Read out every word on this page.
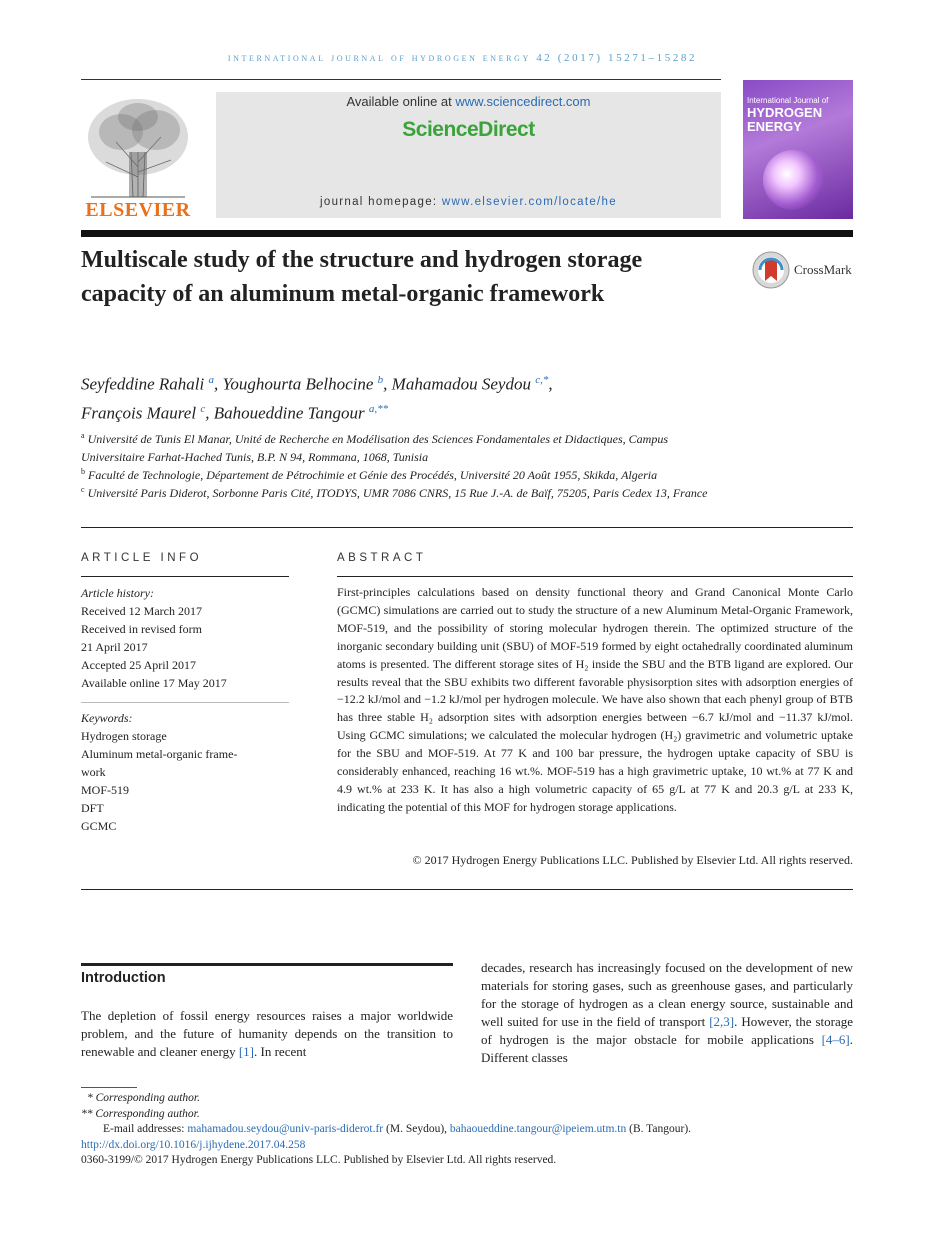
international journal of hydrogen energy 42 (2017) 15271–15282
ELSEVIER
Available online at www.sciencedirect.com
ScienceDirect
journal homepage: www.elsevier.com/locate/he
International Journal of
HYDROGEN ENERGY
Multiscale study of the structure and hydrogen storage capacity of an aluminum metal-organic framework
CrossMark
Seyfeddine Rahali $^a$, Youghourta Belhocine $^b$, Mahamadou Seydou $^{c,*}$,
François Maurel $^c$, Bahoueddine Tangour $^{a,**}$
$^a$ Université de Tunis El Manar, Unité de Recherche en Modélisation des Sciences Fondamentales et Didactiques, Campus Universitaire Farhat-Hached Tunis, B.P. N 94, Rommana, 1068, Tunisia
$^b$ Faculté de Technologie, Département de Pétrochimie et Génie des Procédés, Université 20 Août 1955, Skikda, Algeria
$^c$ Université Paris Diderot, Sorbonne Paris Cité, ITODYS, UMR 7086 CNRS, 15 Rue J.-A. de Baïf, 75205, Paris Cedex 13, France
ARTICLE INFO
Article history:
Received 12 March 2017
Received in revised form
21 April 2017
Accepted 25 April 2017
Available online 17 May 2017
Keywords:
Hydrogen storage
Aluminum metal-organic frame-
work
MOF-519
DFT
GCMC
ABSTRACT
First-principles calculations based on density functional theory and Grand Canonical Monte Carlo (GCMC) simulations are carried out to study the structure of a new Aluminum Metal-Organic Framework, MOF-519, and the possibility of storing molecular hydrogen therein. The optimized structure of the inorganic secondary building unit (SBU) of MOF-519 formed by eight octahedrally coordinated aluminum atoms is presented. The different storage sites of H₂ inside the SBU and the BTB ligand are explored. Our results reveal that the SBU exhibits two different favorable physisorption sites with adsorption energies of −12.2 kJ/mol and −1.2 kJ/mol per hydrogen molecule. We have also shown that each phenyl group of BTB has three stable H₂ adsorption sites with adsorption energies between −6.7 kJ/mol and −11.37 kJ/mol. Using GCMC simulations; we calculated the molecular hydrogen (H₂) gravimetric and volumetric uptake for the SBU and MOF-519. At 77 K and 100 bar pressure, the hydrogen uptake capacity of SBU is considerably enhanced, reaching 16 wt.%. MOF-519 has a high gravimetric uptake, 10 wt.% at 77 K and 4.9 wt.% at 233 K. It has also a high volumetric capacity of 65 g/L at 77 K and 20.3 g/L at 233 K, indicating the potential of this MOF for hydrogen storage applications.
© 2017 Hydrogen Energy Publications LLC. Published by Elsevier Ltd. All rights reserved.
Introduction
The depletion of fossil energy resources raises a major worldwide problem, and the future of humanity depends on the transition to renewable and cleaner energy [1]. In recent
decades, research has increasingly focused on the development of new materials for storing gases, such as greenhouse gases, and particularly for the storage of hydrogen as a clean energy source, sustainable and well suited for use in the field of transport [2,3]. However, the storage of hydrogen is the major obstacle for mobile applications [4–6]. Different classes
* Corresponding author.
** Corresponding author.
E-mail addresses: mahamadou.seydou@univ-paris-diderot.fr (M. Seydou), bahaoueddine.tangour@ipeiem.utm.tn (B. Tangour).
http://dx.doi.org/10.1016/j.ijhydene.2017.04.258
0360-3199/© 2017 Hydrogen Energy Publications LLC. Published by Elsevier Ltd. All rights reserved.
